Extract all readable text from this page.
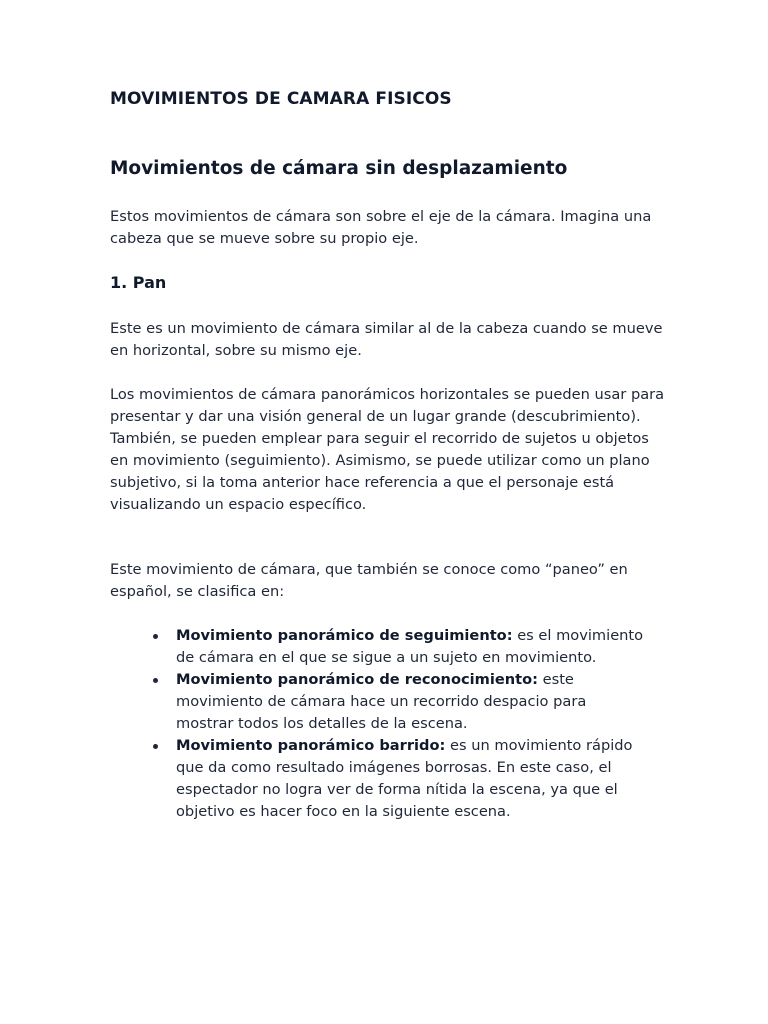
MOVIMIENTOS DE CAMARA FISICOS
Movimientos de cámara sin desplazamiento

Estos movimientos de cámara son sobre el eje de la cámara. Imagina una cabeza que se mueve sobre su propio eje.

1. Pan

Este es un movimiento de cámara similar al de la cabeza cuando se mueve en horizontal, sobre su mismo eje.

Los movimientos de cámara panorámicos horizontales se pueden usar para presentar y dar una visión general de un lugar grande (descubrimiento). También, se pueden emplear para seguir el recorrido de sujetos u objetos en movimiento (seguimiento). Asimismo, se puede utilizar como un plano subjetivo, si la toma anterior hace referencia a que el personaje está visualizando un espacio específico.

Este movimiento de cámara, que también se conoce como “paneo” en español, se clasifica en:

Movimiento panorámico de seguimiento: es el movimiento de cámara en el que se sigue a un sujeto en movimiento.
Movimiento panorámico de reconocimiento: este movimiento de cámara hace un recorrido despacio para mostrar todos los detalles de la escena.
Movimiento panorámico barrido: es un movimiento rápido que da como resultado imágenes borrosas. En este caso, el espectador no logra ver de forma nítida la escena, ya que el objetivo es hacer foco en la siguiente escena.
